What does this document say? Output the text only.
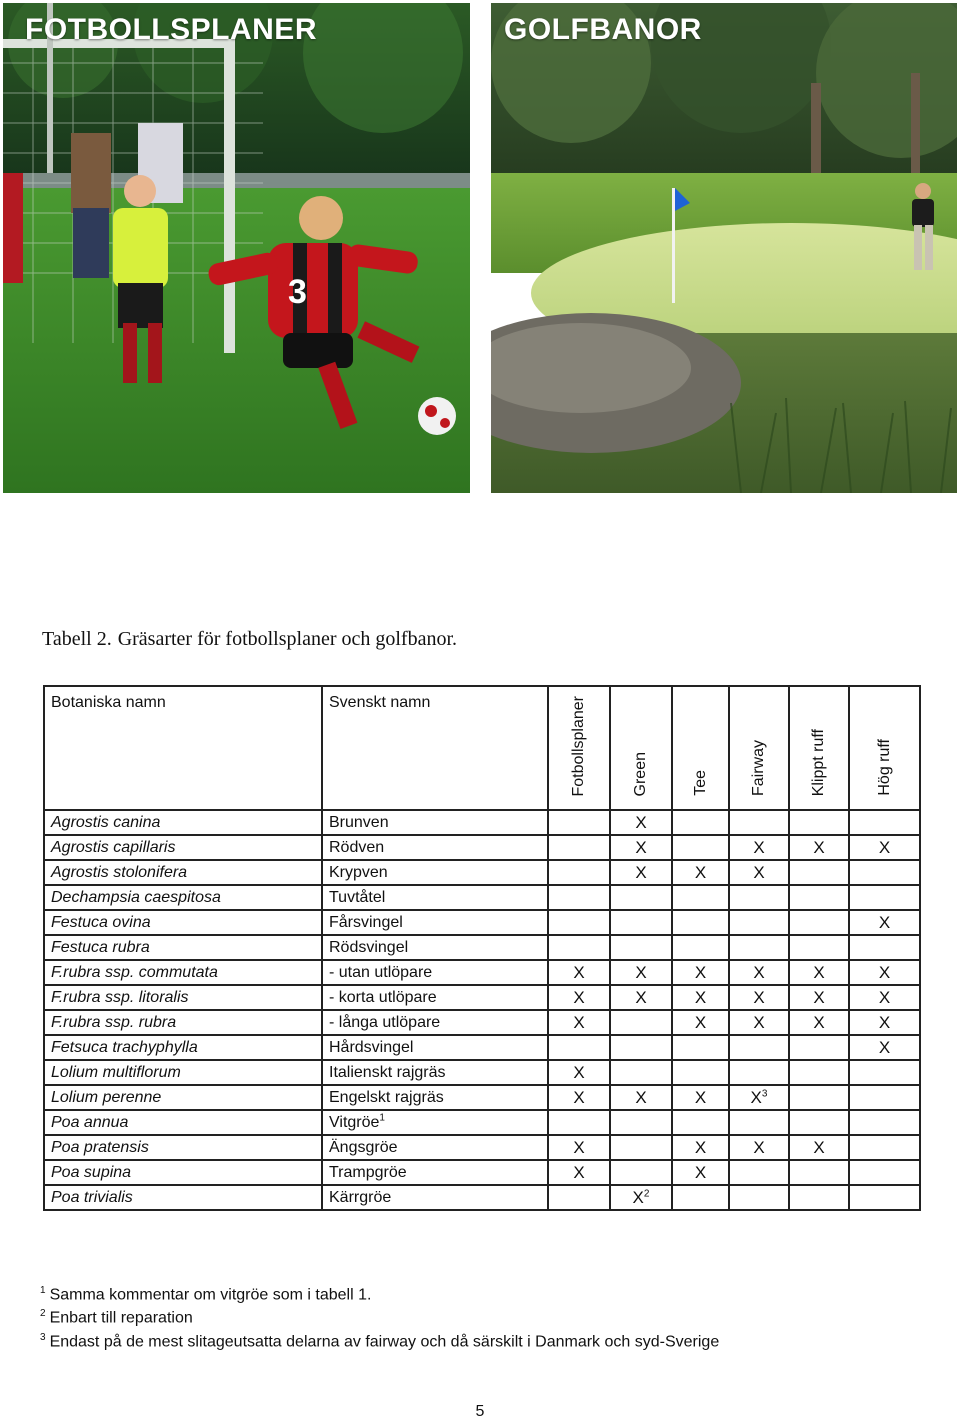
3
FOTBOLLSPLANER	GOLFBANOR
Tabell 2. Gräsarter för fotbollsplaner och golfbanor.
Botaniska namn	Svenskt namn	Fotbollsplaner	Green	Tee	Fairway	Klippt ruff	Hög ruff
Agrostis canina	Brunven		X				
Agrostis capillaris	Rödven		X		X	X	X
Agrostis stolonifera	Krypven		X	X	X		
Dechampsia caespitosa	Tuvtåtel						
Festuca ovina	Fårsvingel						X
Festuca rubra	Rödsvingel						
F.rubra ssp. commutata	- utan utlöpare	X	X	X	X	X	X
F.rubra ssp. litoralis	- korta utlöpare	X	X	X	X	X	X
F.rubra ssp. rubra	- långa utlöpare	X		X	X	X	X
Fetsuca trachyphylla	Hårdsvingel						X
Lolium multiflorum	Italienskt rajgräs	X					
Lolium perenne	Engelskt rajgräs	X	X	X	$X^3$		
Poa annua	Vitgröe$^1$						
Poa pratensis	Ängsgröe	X		X	X	X	
Poa supina	Trampgröe	X		X			
Poa trivialis	Kärrgröe		$X^2$				
$^1$ Samma kommentar om vitgröe som i tabell 1.
$^2$ Enbart till reparation
$^3$ Endast på de mest slitageutsatta delarna av fairway och då särskilt i Danmark och syd-Sverige
5
